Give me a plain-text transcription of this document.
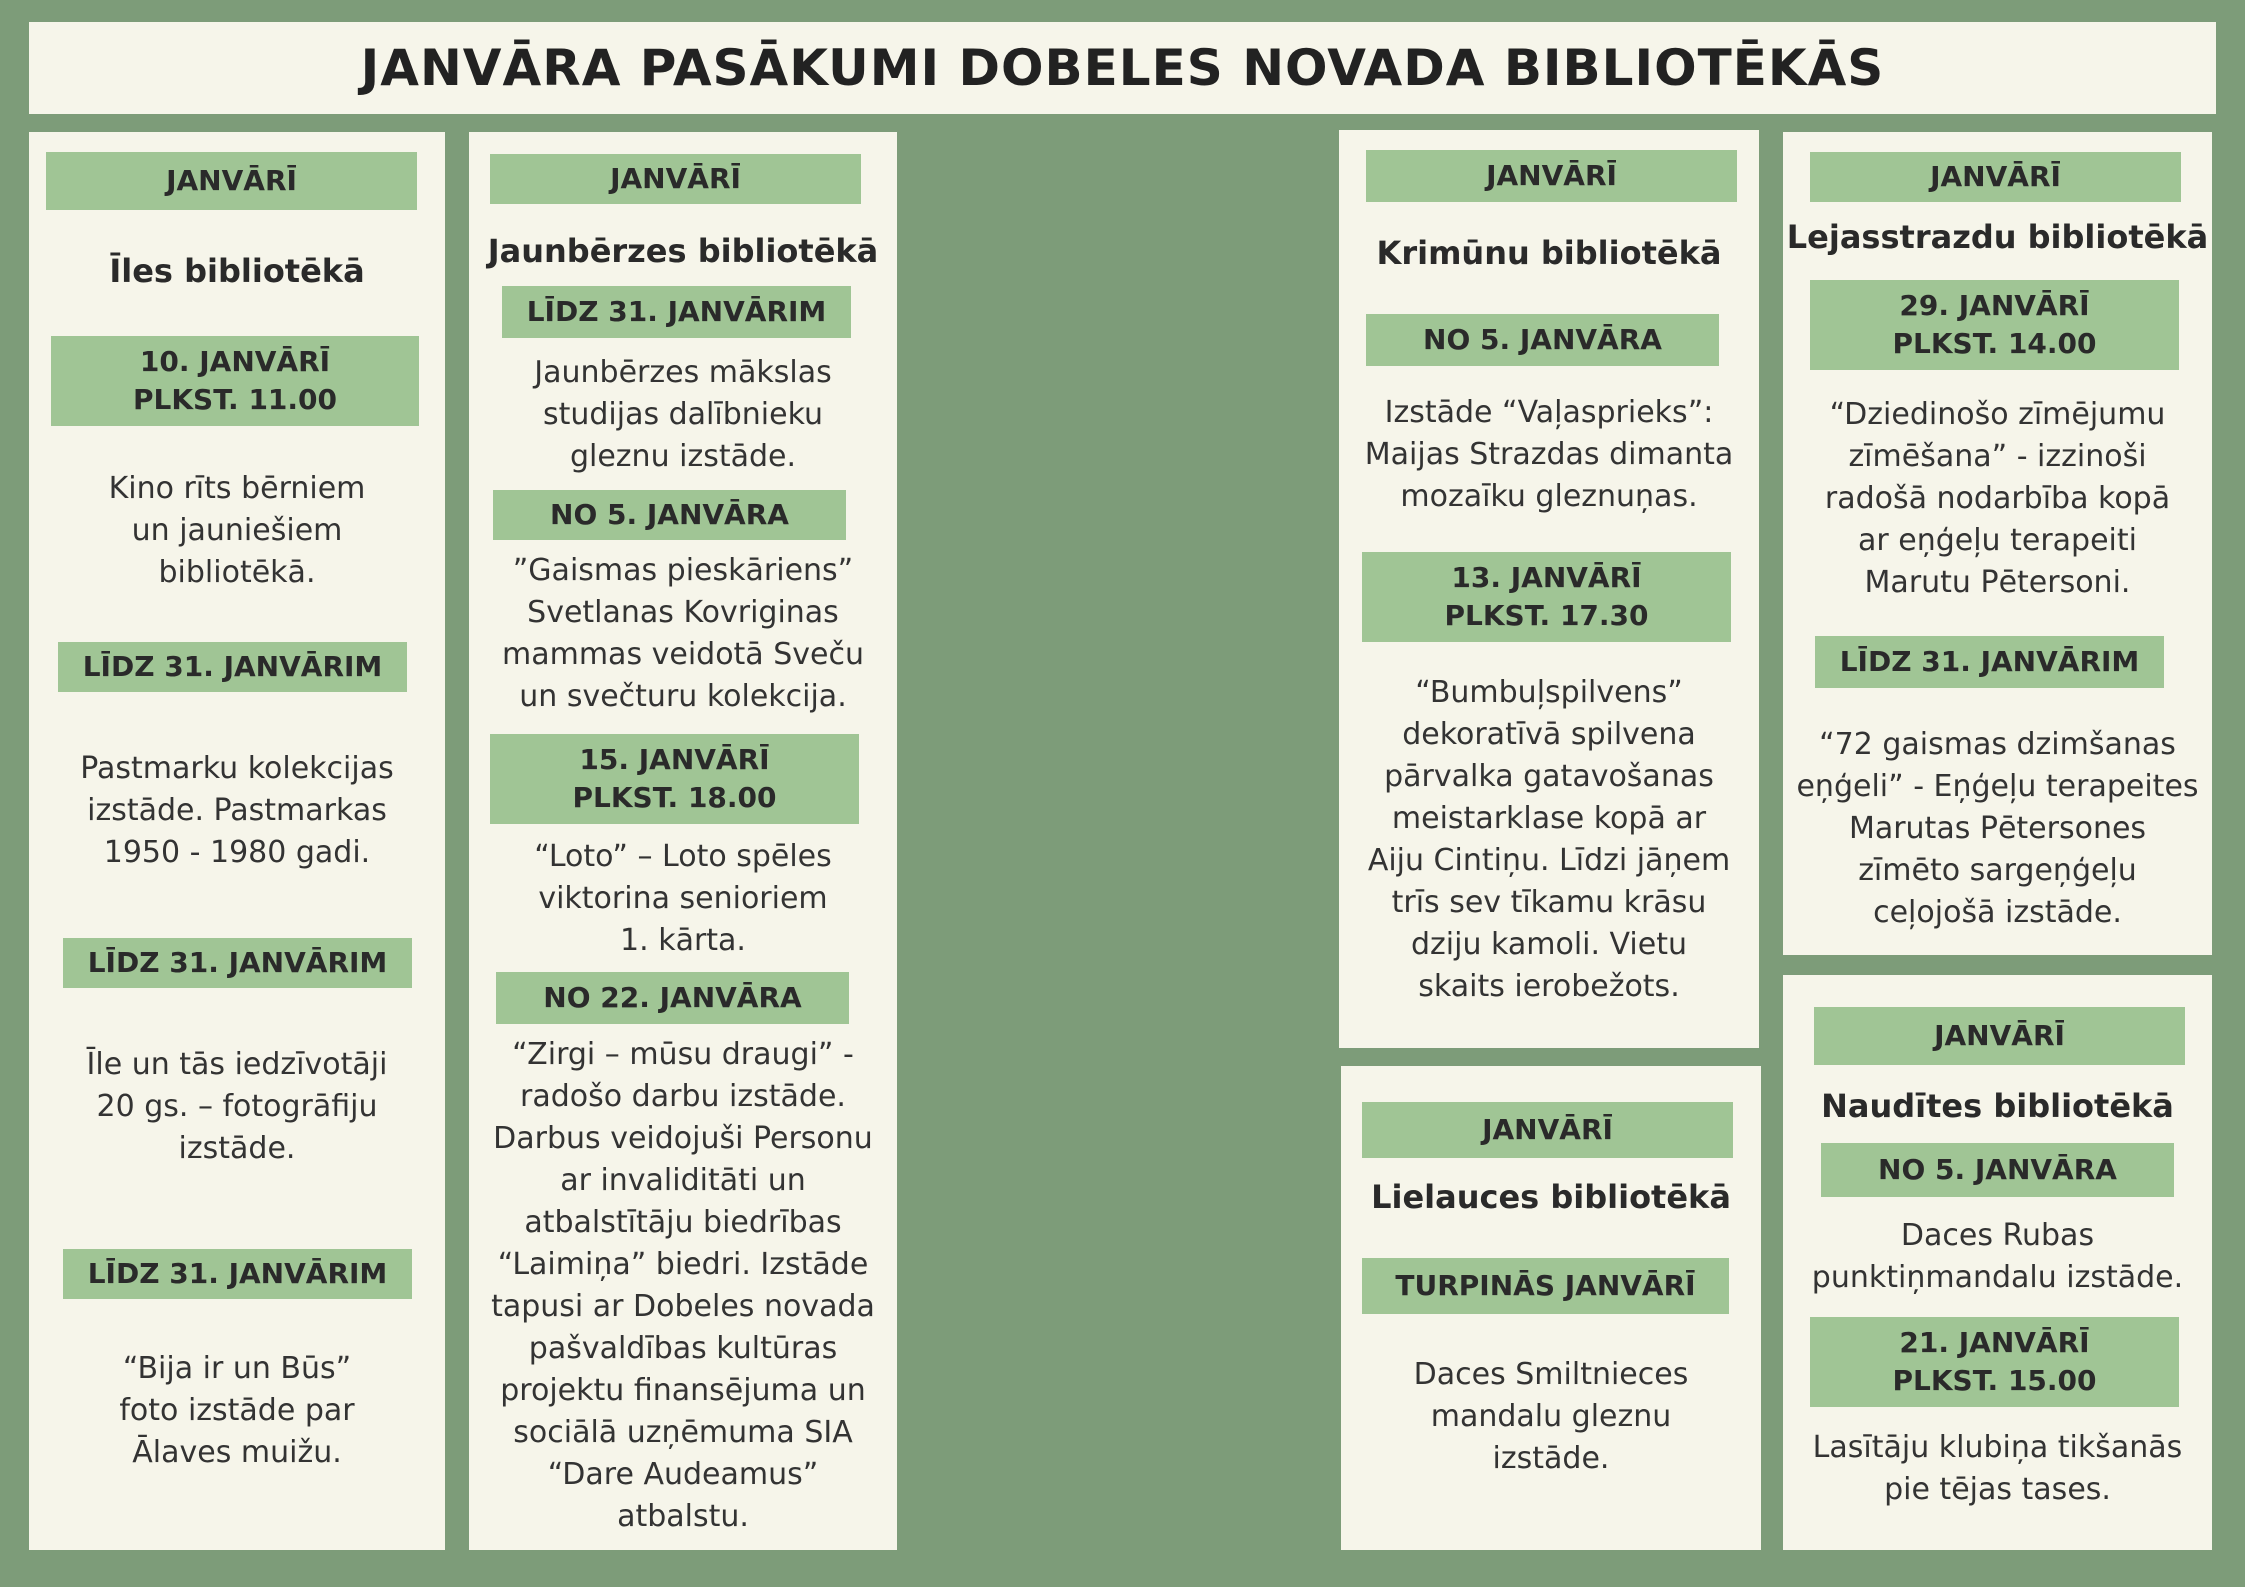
JANVĀRA PASĀKUMI DOBELES NOVADA BIBLIOTĒKĀS
JANVĀRĪ
Īles bibliotēkā
10. JANVĀRĪ
PLKST. 11.00
Kino rīts bērniem
un jauniešiem
bibliotēkā.
LĪDZ 31. JANVĀRIM
Pastmarku kolekcijas
izstāde. Pastmarkas
1950 - 1980 gadi.
LĪDZ 31. JANVĀRIM
Īle un tās iedzīvotāji
20 gs. – fotogrāfiju
izstāde.
LĪDZ 31. JANVĀRIM
“Bija ir un Būs”
foto izstāde par
Ālaves muižu.
JANVĀRĪ
Jaunbērzes bibliotēkā
LĪDZ 31. JANVĀRIM
Jaunbērzes mākslas
studijas dalībnieku
gleznu izstāde.
NO 5. JANVĀRA
”Gaismas pieskāriens”
Svetlanas Kovriginas
mammas veidotā Sveču
un svečturu kolekcija.
15. JANVĀRĪ
PLKST. 18.00
“Loto” – Loto spēles
viktorina senioriem
1. kārta.
NO 22. JANVĀRA
“Zirgi – mūsu draugi” -
radošo darbu izstāde.
Darbus veidojuši Personu
ar invaliditāti un
atbalstītāju biedrības
“Laimiņa” biedri. Izstāde
tapusi ar Dobeles novada
pašvaldības kultūras
projektu finansējuma un
sociālā uzņēmuma SIA
“Dare Audeamus”
atbalstu.
JANVĀRĪ
Krimūnu bibliotēkā
NO 5. JANVĀRA
Izstāde “Vaļasprieks”:
Maijas Strazdas dimanta
mozaīku gleznuņas.
13. JANVĀRĪ
PLKST. 17.30
“Bumbuļspilvens”
dekoratīvā spilvena
pārvalka gatavošanas
meistarklase kopā ar
Aiju Cintiņu. Līdzi jāņem
trīs sev tīkamu krāsu
dziju kamoli. Vietu
skaits ierobežots.
JANVĀRĪ
Lielauces bibliotēkā
TURPINĀS JANVĀRĪ
Daces Smiltnieces
mandalu gleznu
izstāde.
JANVĀRĪ
Lejasstrazdu bibliotēkā
29. JANVĀRĪ
PLKST. 14.00
“Dziedinošo zīmējumu
zīmēšana” - izzinoši
radošā nodarbība kopā
ar eņģeļu terapeiti
Marutu Pētersoni.
LĪDZ 31. JANVĀRIM
“72 gaismas dzimšanas
eņģeli” - Eņģeļu terapeites
Marutas Pētersones
zīmēto sargeņģeļu
ceļojošā izstāde.
JANVĀRĪ
Naudītes bibliotēkā
NO 5. JANVĀRA
Daces Rubas
punktiņmandalu izstāde.
21. JANVĀRĪ
PLKST. 15.00
Lasītāju klubiņa tikšanās
pie tējas tases.
